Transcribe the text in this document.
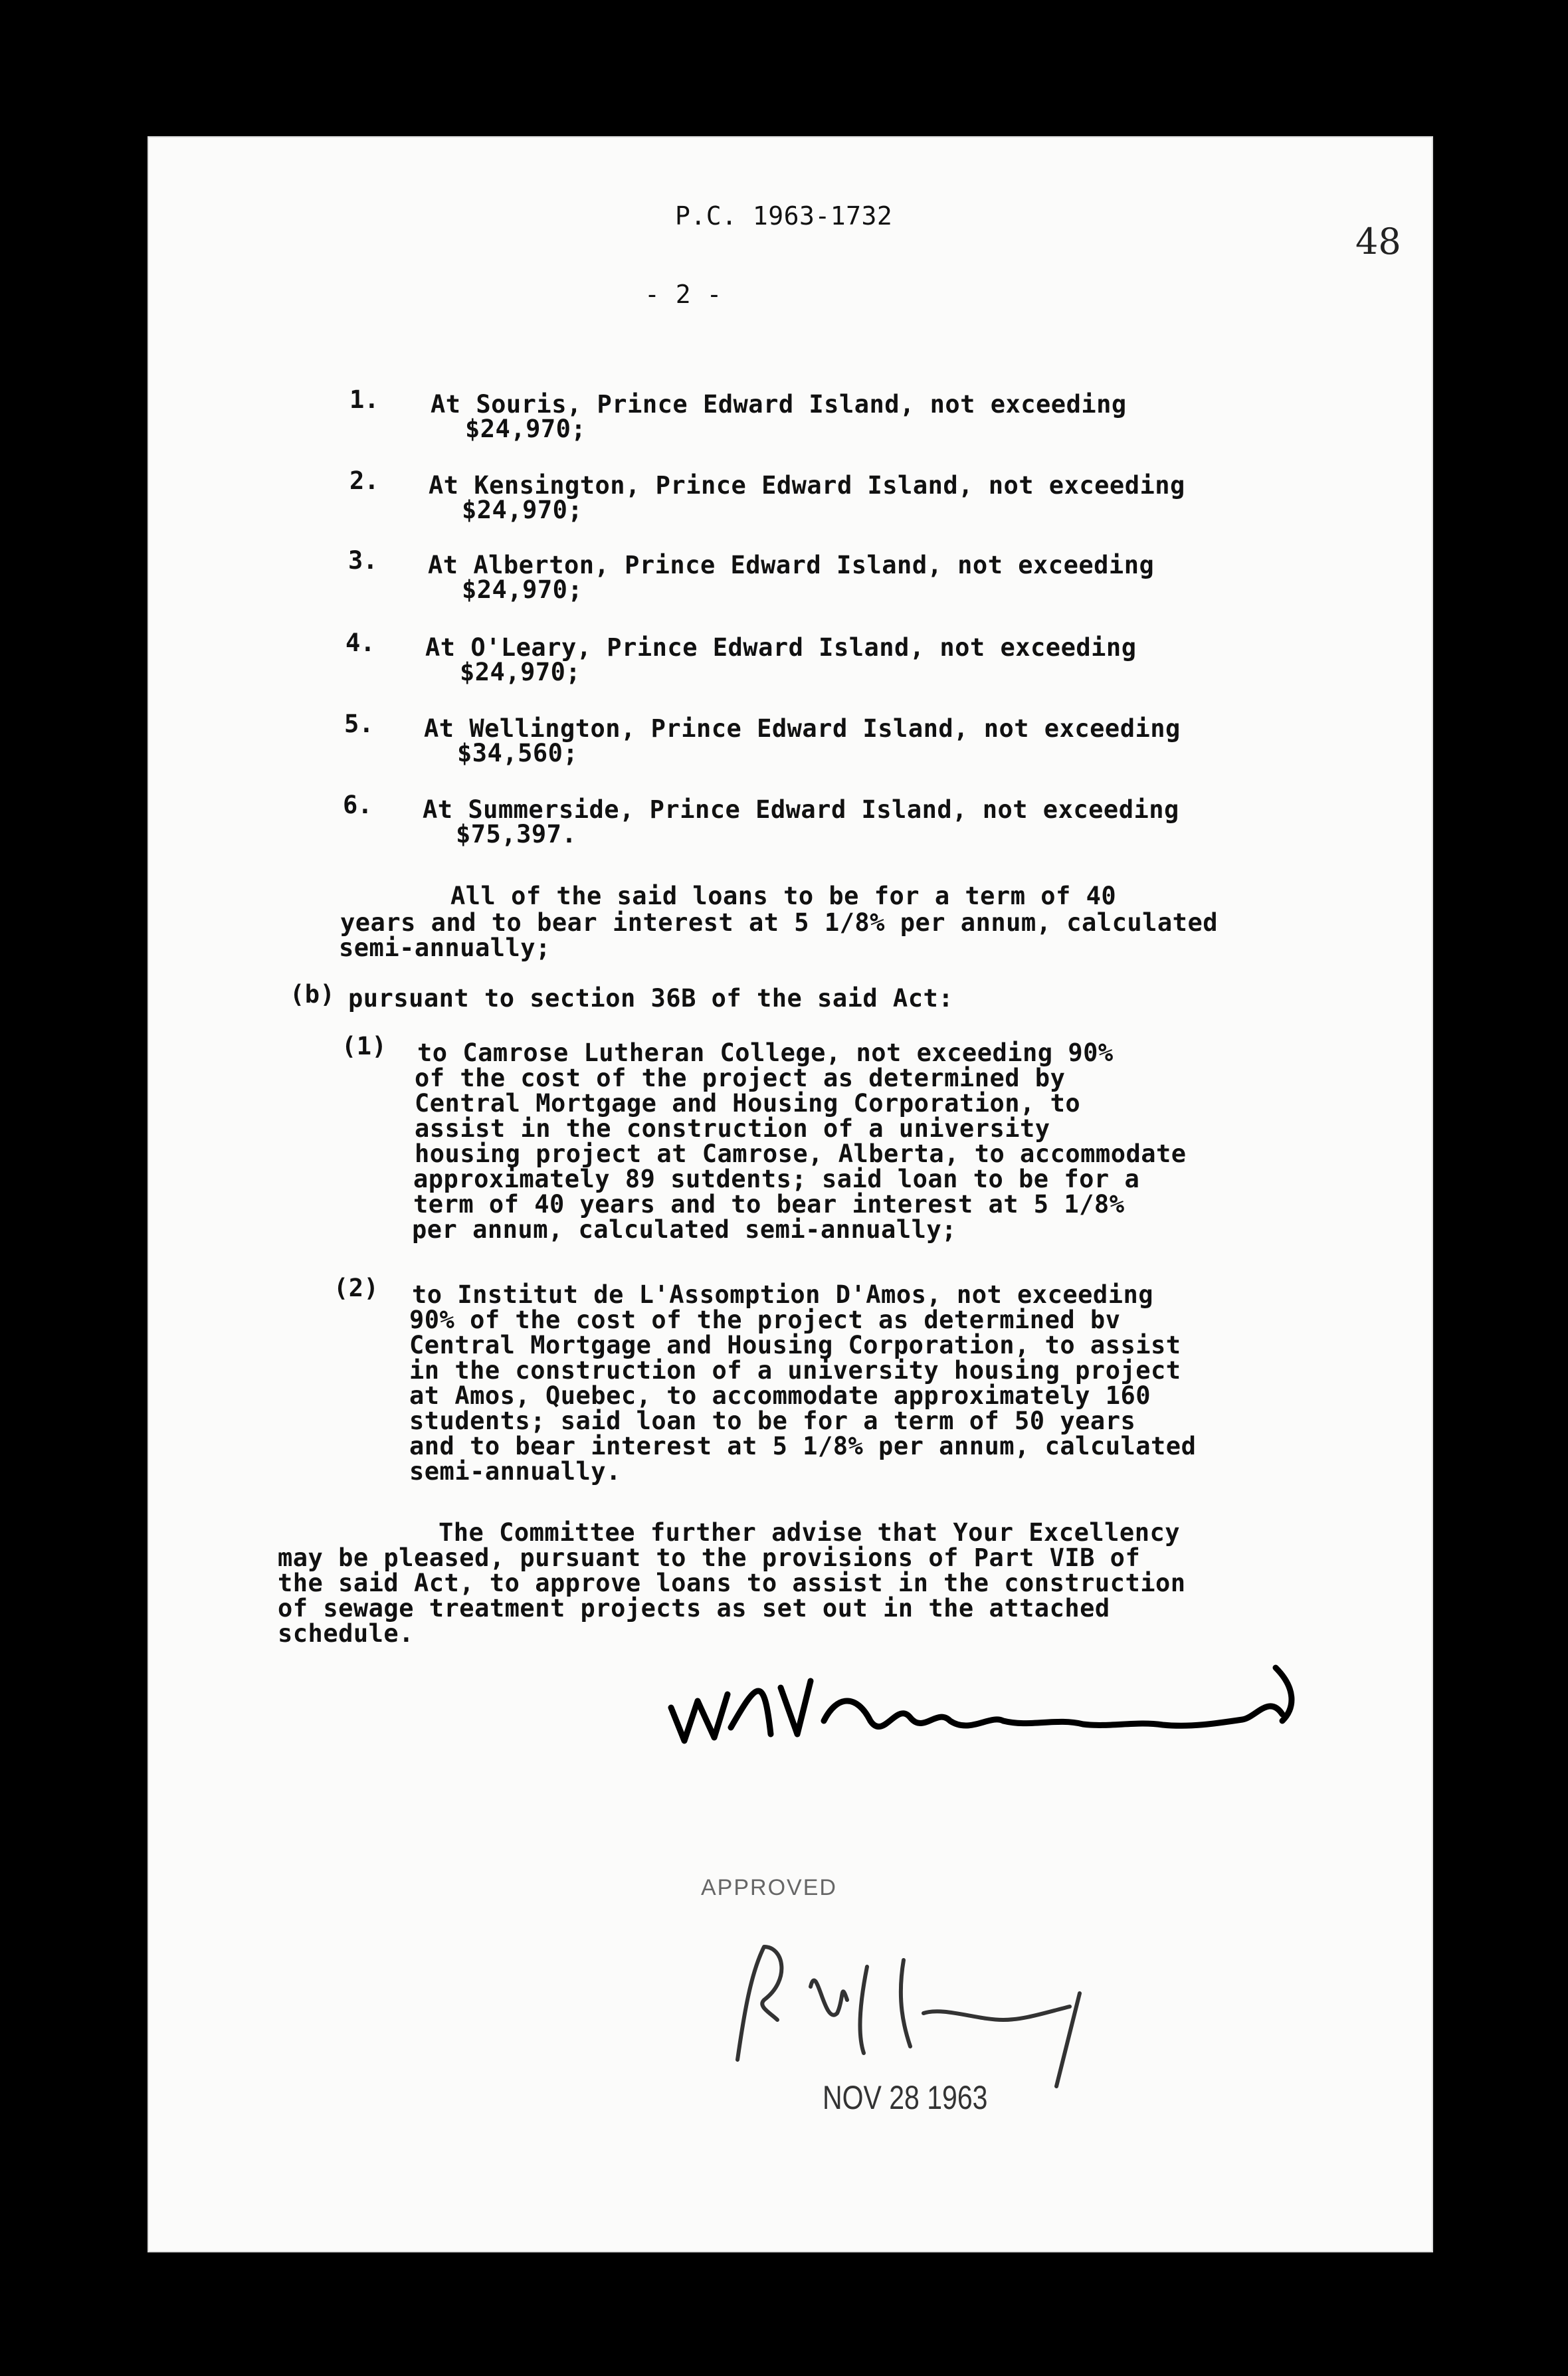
P.C. 1963-1732
- 2 -
48
1. At Souris, Prince Edward Island, not exceeding
$24,970;
2. At Kensington, Prince Edward Island, not exceeding
$24,970;
3. At Alberton, Prince Edward Island, not exceeding
$24,970;
4. At O'Leary, Prince Edward Island, not exceeding
$24,970;
5. At Wellington, Prince Edward Island, not exceeding
$34,560;
6. At Summerside, Prince Edward Island, not exceeding
$75,397.
All of the said loans to be for a term of 40
years and to bear interest at 5 1/8% per annum, calculated
semi-annually;
(b) pursuant to section 36B of the said Act:
(1) to Camrose Lutheran College, not exceeding 90%
of the cost of the project as determined by
Central Mortgage and Housing Corporation, to
assist in the construction of a university
housing project at Camrose, Alberta, to accommodate
approximately 89 sutdents; said loan to be for a
term of 40 years and to bear interest at 5 1/8%
per annum, calculated semi-annually;
(2) to Institut de L'Assomption D'Amos, not exceeding
90% of the cost of the project as determined bv
Central Mortgage and Housing Corporation, to assist
in the construction of a university housing project
at Amos, Quebec, to accommodate approximately 160
students; said loan to be for a term of 50 years
and to bear interest at 5 1/8% per annum, calculated
semi-annually.
The Committee further advise that Your Excellency
may be pleased, pursuant to the provisions of Part VIB of
the said Act, to approve loans to assist in the construction
of sewage treatment projects as set out in the attached
schedule.
APPROVED
NOV 28 1963
